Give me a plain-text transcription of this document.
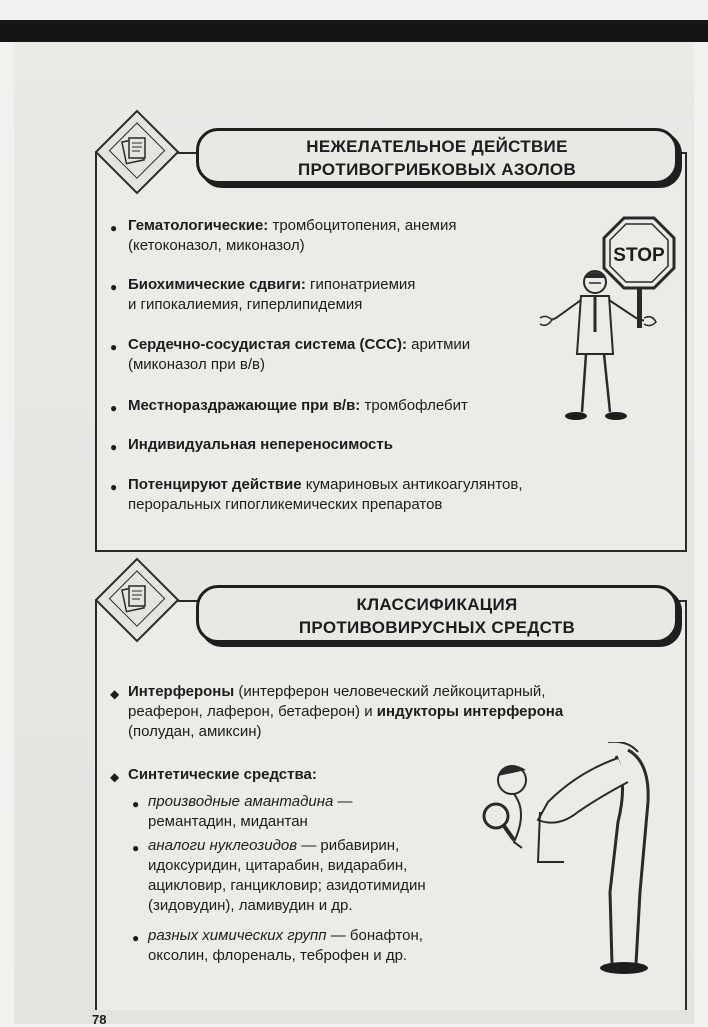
НЕЖЕЛАТЕЛЬНОЕ ДЕЙСТВИЕ
ПРОТИВОГРИБКОВЫХ АЗОЛОВ
● Гематологические: тромбоцитопения, анемия
(кетоконазол, миконазол)
● Биохимические сдвиги: гипонатриемия
и гипокалиемия, гиперлипидемия
● Сердечно-сосудистая система (ССС): аритмии
(миконазол при в/в)
● Местнораздражающие при в/в: тромбофлебит
● Индивидуальная непереносимость
● Потенцируют действие кумариновых антикоагулянтов,
пероральных гипогликемических препаратов
STOP
КЛАССИФИКАЦИЯ
ПРОТИВОВИРУСНЫХ СРЕДСТВ
◆ Интерфероны (интерферон человеческий лейкоцитарный,
реаферон, лаферон, бетаферон) и индукторы интерферона
(полудан, амиксин)
◆ Синтетические средства:
● производные амантадина —
ремантадин, мидантан
● аналоги нуклеозидов — рибавирин,
идоксуридин, цитарабин, видарабин,
ацикловир, ганцикловир; азидотимидин
(зидовудин), ламивудин и др.
● разных химических групп — бонафтон,
оксолин, флореналь, теброфен и др.
78
